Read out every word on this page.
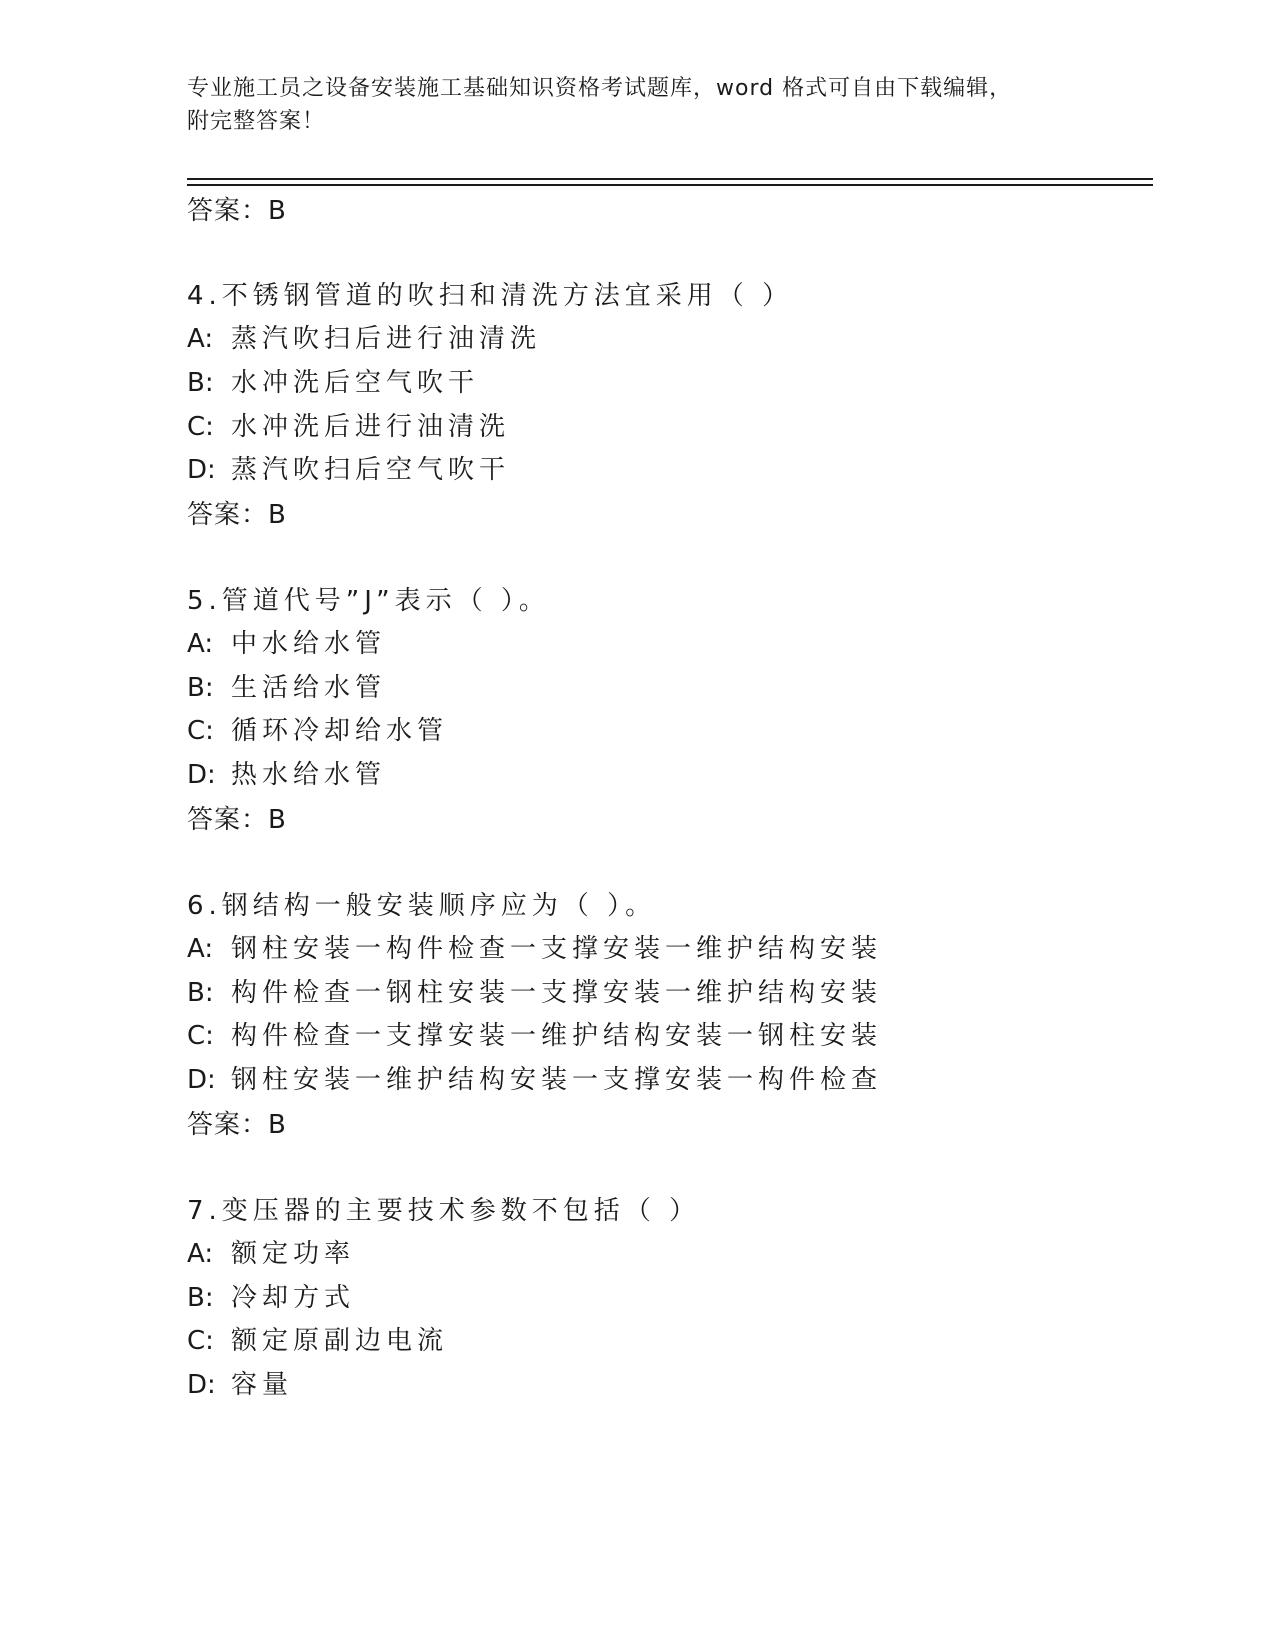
专业施工员之设备安装施工基础知识资格考试题库，word 格式可自由下载编辑，
附完整答案！
答案：B
4.不锈钢管道的吹扫和清洗方法宜采用（ ）
A: 蒸汽吹扫后进行油清洗
B: 水冲洗后空气吹干
C: 水冲洗后进行油清洗
D: 蒸汽吹扫后空气吹干
答案：B
5.管道代号”J”表示（ ）。
A: 中水给水管
B: 生活给水管
C: 循环冷却给水管
D: 热水给水管
答案：B
6.钢结构一般安装顺序应为（ ）。
A: 钢柱安装一构件检查一支撑安装一维护结构安装
B: 构件检查一钢柱安装一支撑安装一维护结构安装
C: 构件检查一支撑安装一维护结构安装一钢柱安装
D: 钢柱安装一维护结构安装一支撑安装一构件检查
答案：B
7.变压器的主要技术参数不包括（ ）
A: 额定功率
B: 冷却方式
C: 额定原副边电流
D: 容量
